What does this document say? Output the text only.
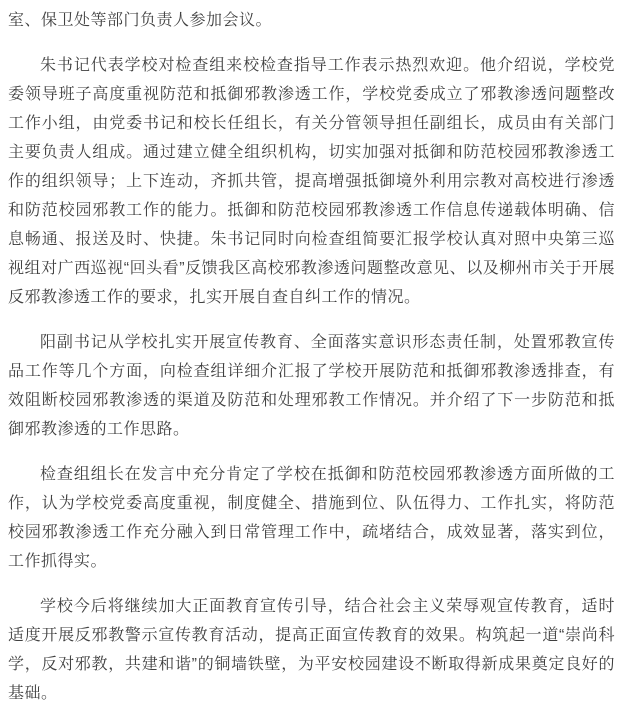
室、保卫处等部门负责人参加会议。

朱书记代表学校对检查组来校检查指导工作表示热烈欢迎。他介绍说，学校党委领导班子高度重视防范和抵御邪教渗透工作，学校党委成立了邪教渗透问题整改工作小组，由党委书记和校长任组长，有关分管领导担任副组长，成员由有关部门主要负责人组成。通过建立健全组织机构，切实加强对抵御和防范校园邪教渗透工作的组织领导；上下连动，齐抓共管，提高增强抵御境外利用宗教对高校进行渗透和防范校园邪教工作的能力。抵御和防范校园邪教渗透工作信息传递载体明确、信息畅通、报送及时、快捷。朱书记同时向检查组简要汇报学校认真对照中央第三巡视组对广西巡视“回头看”反馈我区高校邪教渗透问题整改意见、以及柳州市关于开展反邪教渗透工作的要求，扎实开展自查自纠工作的情况。

阳副书记从学校扎实开展宣传教育、全面落实意识形态责任制，处置邪教宣传品工作等几个方面，向检查组详细介汇报了学校开展防范和抵御邪教渗透排查，有效阻断校园邪教渗透的渠道及防范和处理邪教工作情况。并介绍了下一步防范和抵御邪教渗透的工作思路。

检查组组长在发言中充分肯定了学校在抵御和防范校园邪教渗透方面所做的工作，认为学校党委高度重视，制度健全、措施到位、队伍得力、工作扎实，将防范校园邪教渗透工作充分融入到日常管理工作中，疏堵结合，成效显著，落实到位，工作抓得实。

学校今后将继续加大正面教育宣传引导，结合社会主义荣辱观宣传教育，适时适度开展反邪教警示宣传教育活动，提高正面宣传教育的效果。构筑起一道“崇尚科学，反对邪教，共建和谐”的铜墙铁壁，为平安校园建设不断取得新成果奠定良好的基础。
